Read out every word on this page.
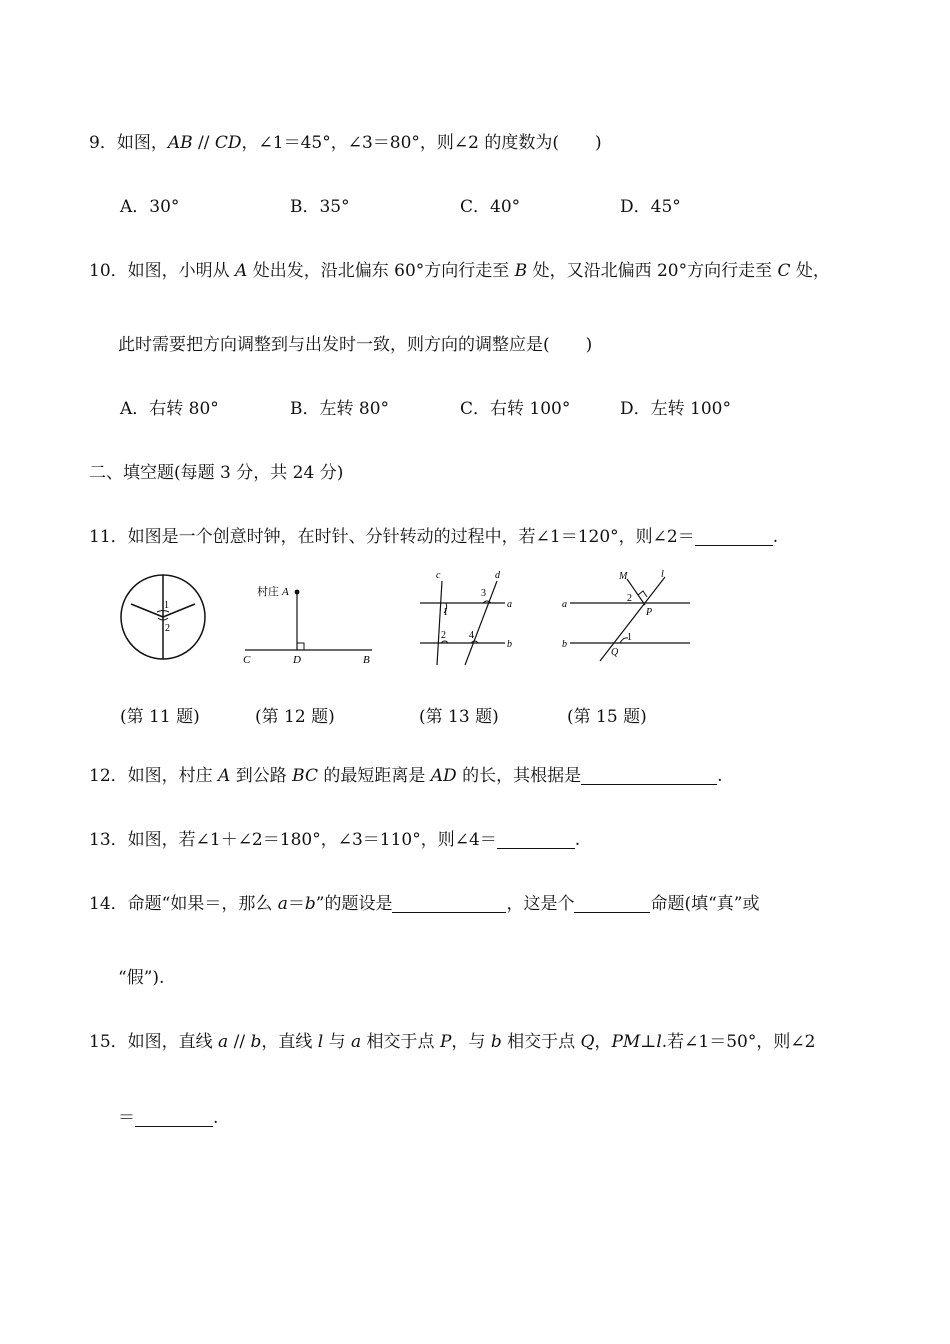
9．如图，AB // CD，∠1＝45°，∠3＝80°，则∠2 的度数为( )
A．30°	B．35°	C．40°	D．45°
10．如图，小明从 A 处出发，沿北偏东 60°方向行走至 B 处，又沿北偏西 20°方向行走至 C 处，
此时需要把方向调整到与出发时一致，则方向的调整应是( )
A．右转 80°	B．左转 80°	C．右转 100°	D．左转 100°
二、填空题(每题 3 分，共 24 分)
11．如图是一个创意时钟，在时针、分针转动的过程中，若∠1＝120°，则∠2＝	.
1
2
村庄 A
C	D	B
c	d
a
b
1
2
3
4
M	l
a
b
P
Q
1
2
(第 11 题)	(第 12 题)	(第 13 题)	(第 15 题)
12．如图，村庄 A 到公路 BC 的最短距离是 AD 的长，其根据是	.
13．如图，若∠1＋∠2＝180°，∠3＝110°，则∠4＝	.
14．命题“如果＝，那么 a＝b”的题设是	，这是个	命题(填“真”或
“假”).
15．如图，直线 a // b，直线 l 与 a 相交于点 P，与 b 相交于点 Q，PM⊥l.若∠1＝50°，则∠2
＝	.
